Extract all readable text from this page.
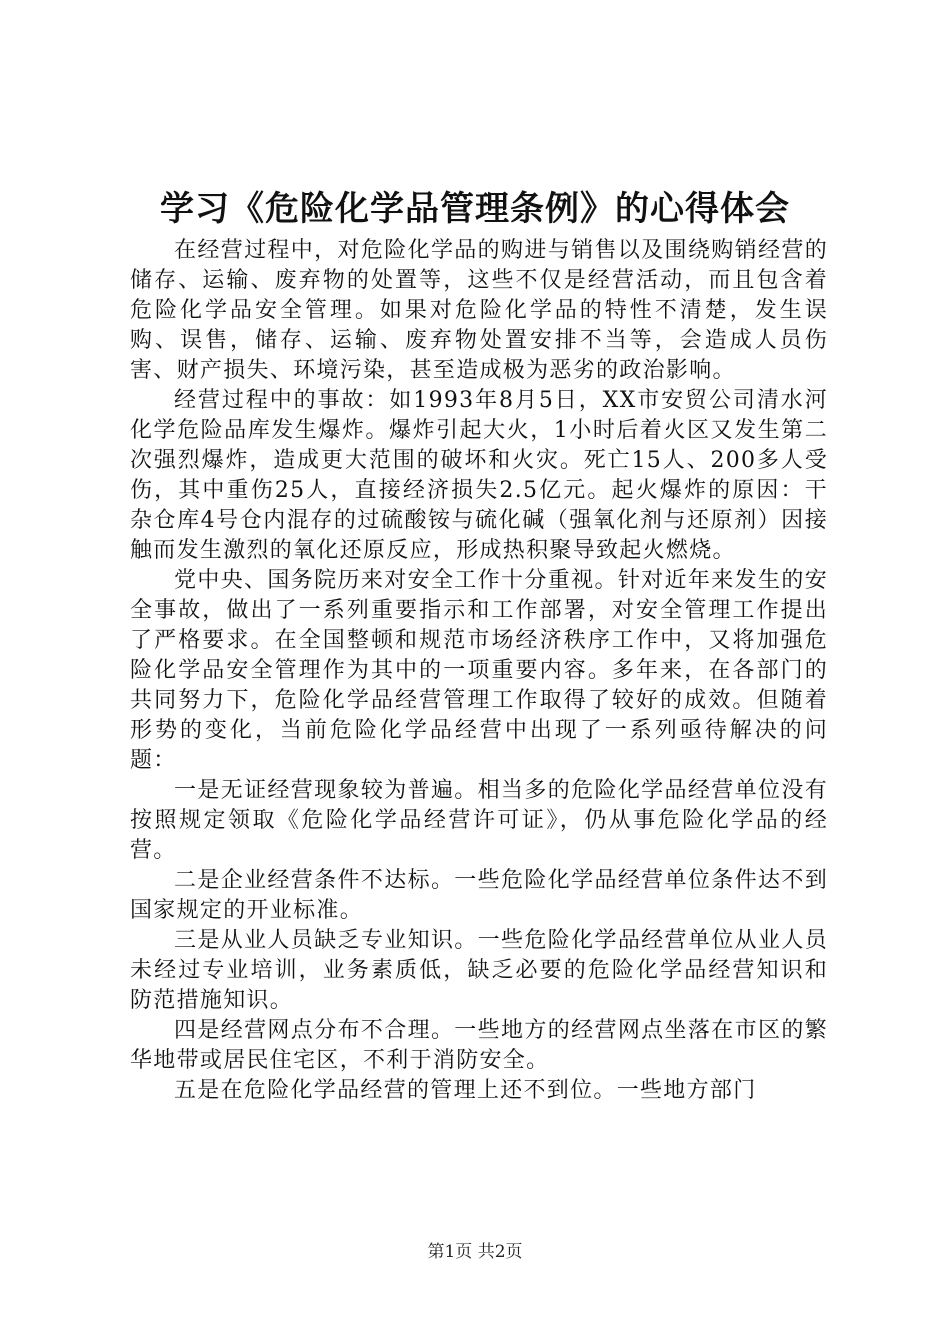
学习《危险化学品管理条例》的心得体会

在经营过程中，对危险化学品的购进与销售以及围绕购销经营的储存、运输、废弃物的处置等，这些不仅是经营活动，而且包含着危险化学品安全管理。如果对危险化学品的特性不清楚，发生误购、误售，储存、运输、废弃物处置安排不当等，会造成人员伤害、财产损失、环境污染，甚至造成极为恶劣的政治影响。

经营过程中的事故：如1993年8月5日，XX市安贸公司清水河化学危险品库发生爆炸。爆炸引起大火，1小时后着火区又发生第二次强烈爆炸，造成更大范围的破坏和火灾。死亡15人、200多人受伤，其中重伤25人，直接经济损失2.5亿元。起火爆炸的原因：干杂仓库4号仓内混存的过硫酸铵与硫化碱（强氧化剂与还原剂）因接触而发生激烈的氧化还原反应，形成热积聚导致起火燃烧。

党中央、国务院历来对安全工作十分重视。针对近年来发生的安全事故，做出了一系列重要指示和工作部署，对安全管理工作提出了严格要求。在全国整顿和规范市场经济秩序工作中，又将加强危险化学品安全管理作为其中的一项重要内容。多年来，在各部门的共同努力下，危险化学品经营管理工作取得了较好的成效。但随着形势的变化，当前危险化学品经营中出现了一系列亟待解决的问题：

一是无证经营现象较为普遍。相当多的危险化学品经营单位没有按照规定领取《危险化学品经营许可证》，仍从事危险化学品的经营。

二是企业经营条件不达标。一些危险化学品经营单位条件达不到国家规定的开业标准。

三是从业人员缺乏专业知识。一些危险化学品经营单位从业人员未经过专业培训，业务素质低，缺乏必要的危险化学品经营知识和防范措施知识。

四是经营网点分布不合理。一些地方的经营网点坐落在市区的繁华地带或居民住宅区，不利于消防安全。

五是在危险化学品经营的管理上还不到位。一些地方部门

第1页 共2页
